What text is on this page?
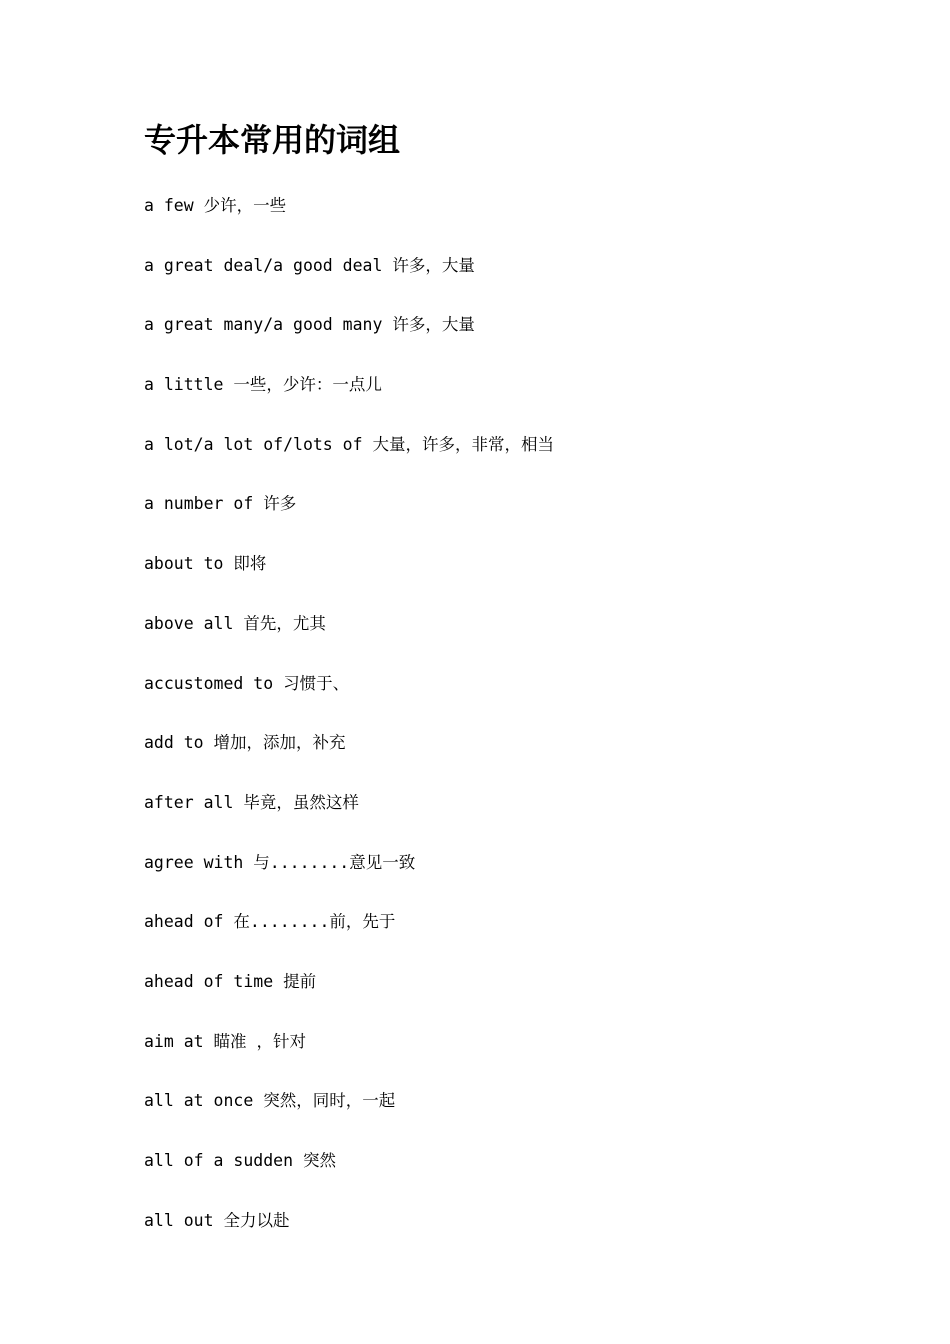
专升本常用的词组
a few 少许，一些
a great deal/a good deal 许多，大量
a great many/a good many 许多，大量
a little 一些，少许：一点儿
a lot/a lot of/lots of 大量，许多，非常，相当
a number of 许多
about to 即将
above all 首先，尤其
accustomed to 习惯于、
add to 增加，添加，补充
after all 毕竟，虽然这样
agree with 与........意见一致
ahead of 在........前，先于
ahead of time 提前
aim at 瞄准 ，针对
all at once 突然，同时，一起
all of a sudden 突然
all out 全力以赴
